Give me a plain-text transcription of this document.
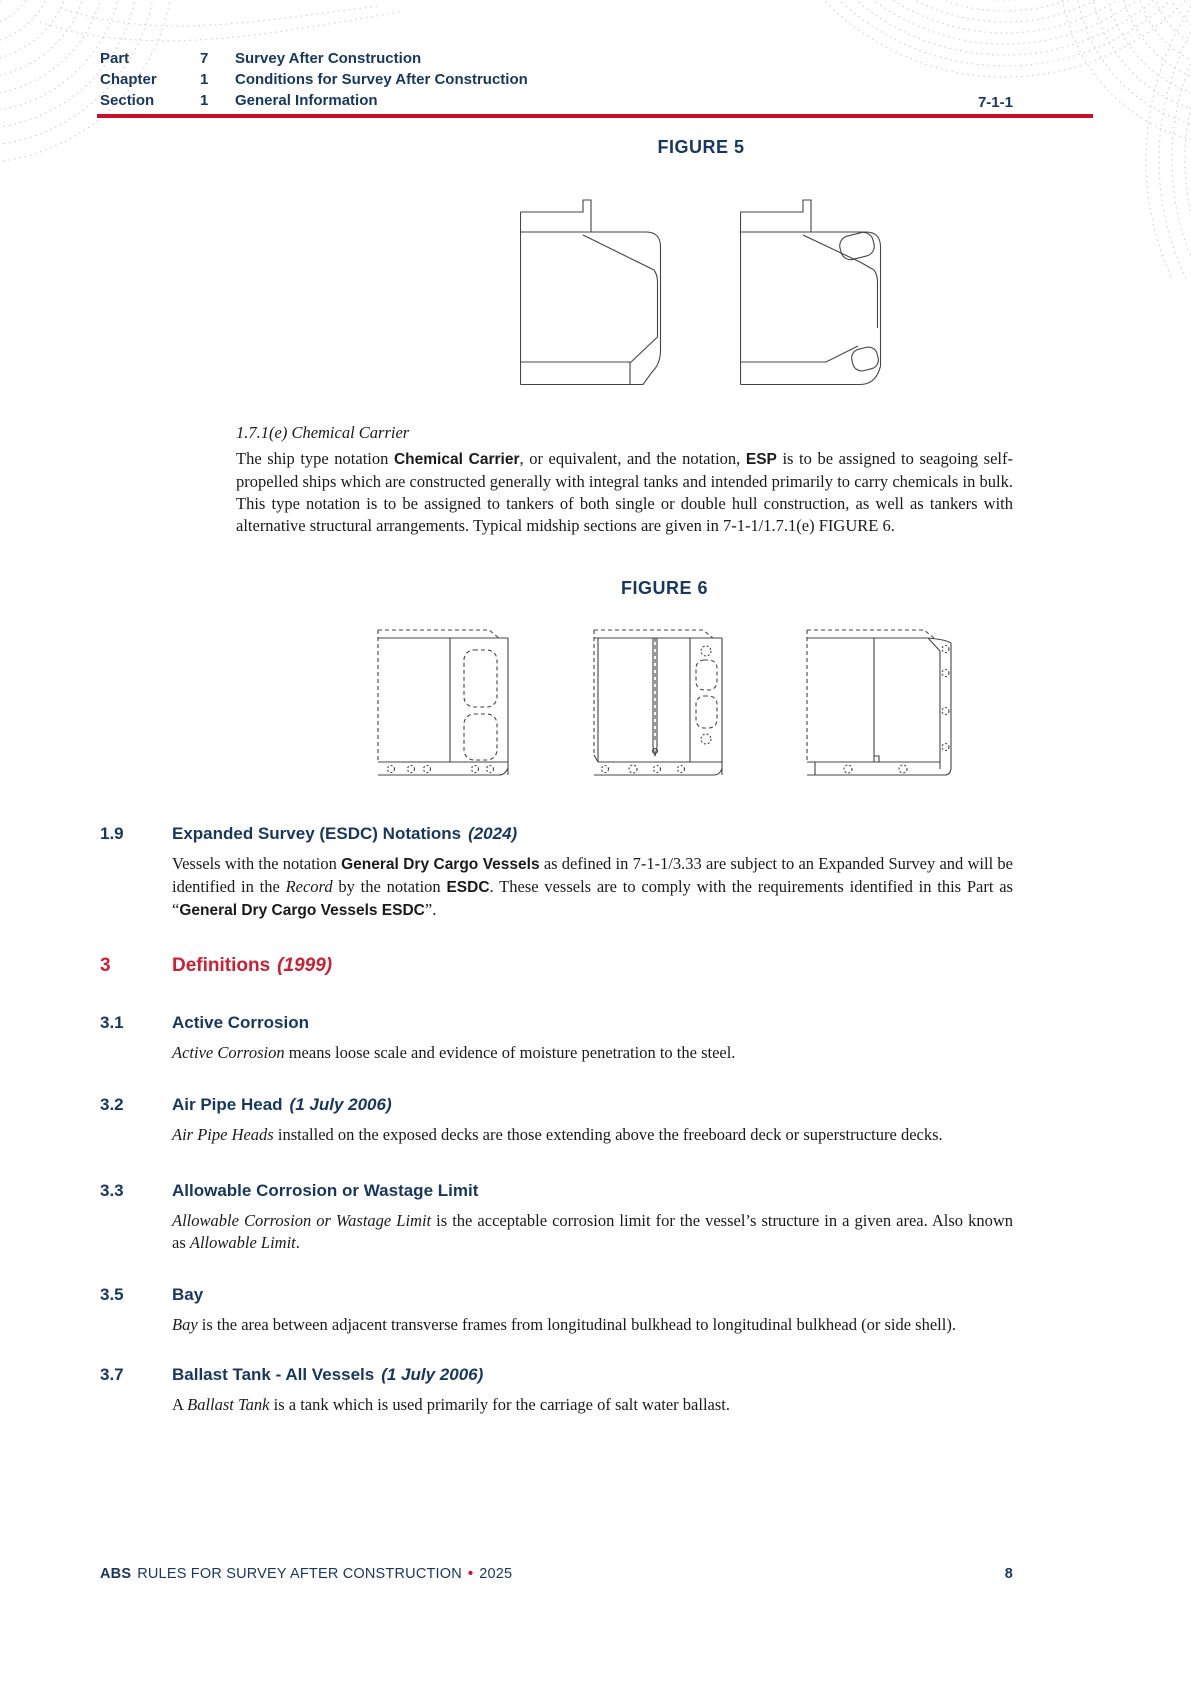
Part	7	Survey After Construction
Chapter	1	Conditions for Survey After Construction
Section	1	General Information	7-1-1
FIGURE 5
1.7.1(e) Chemical Carrier

The ship type notation Chemical Carrier, or equivalent, and the notation, ESP is to be assigned to seagoing self-propelled ships which are constructed generally with integral tanks and intended primarily to carry chemicals in bulk. This type notation is to be assigned to tankers of both single or double hull construction, as well as tankers with alternative structural arrangements. Typical midship sections are given in 7-1-1/1.7.1(e) FIGURE 6.

FIGURE 6
1.9	Expanded Survey (ESDC) Notations (2024)

Vessels with the notation General Dry Cargo Vessels as defined in 7-1-1/3.33 are subject to an Expanded Survey and will be identified in the Record by the notation ESDC. These vessels are to comply with the requirements identified in this Part as “General Dry Cargo Vessels ESDC”.

3	Definitions (1999)
3.1	Active Corrosion

Active Corrosion means loose scale and evidence of moisture penetration to the steel.

3.2	Air Pipe Head (1 July 2006)

Air Pipe Heads installed on the exposed decks are those extending above the freeboard deck or superstructure decks.

3.3	Allowable Corrosion or Wastage Limit

Allowable Corrosion or Wastage Limit is the acceptable corrosion limit for the vessel’s structure in a given area. Also known as Allowable Limit.

3.5	Bay

Bay is the area between adjacent transverse frames from longitudinal bulkhead to longitudinal bulkhead (or side shell).

3.7	Ballast Tank - All Vessels (1 July 2006)

A Ballast Tank is a tank which is used primarily for the carriage of salt water ballast.

ABS RULES FOR SURVEY AFTER CONSTRUCTION • 2025	8
